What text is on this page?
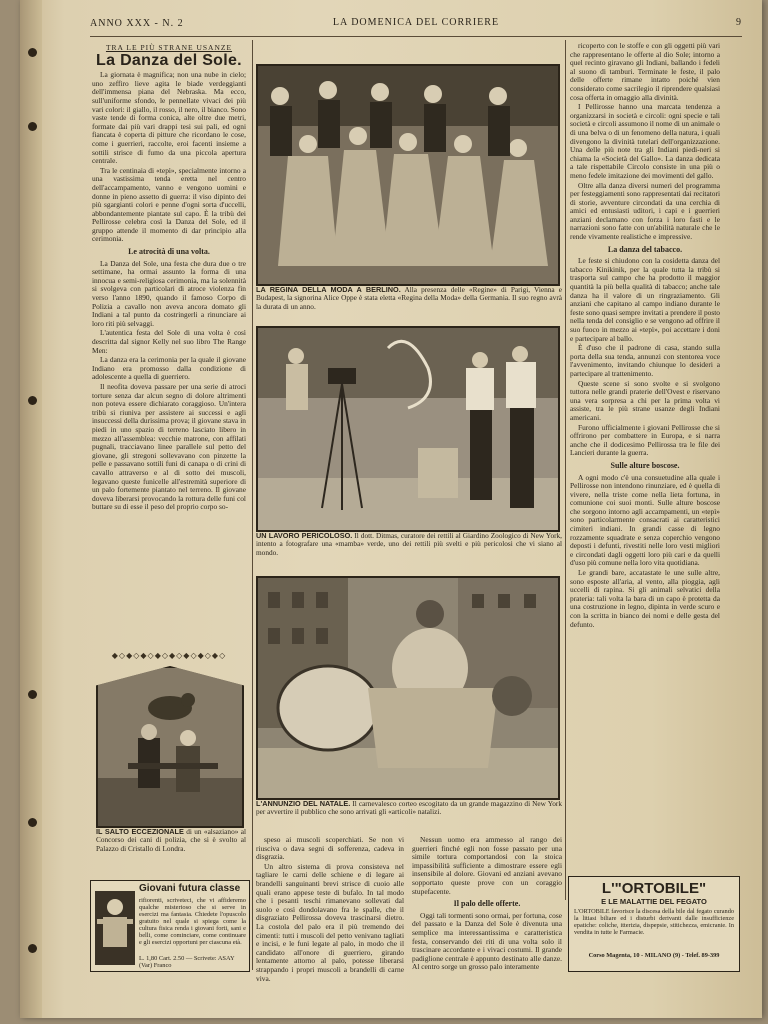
ANNO XXX - N. 2	LA DOMENICA DEL CORRIERE	9
TRA LE PIÙ STRANE USANZE
La Danza del Sole.

La giornata è magnifica; non una nube in cielo; uno zeffiro lieve agita le biade verdeggianti dell'immensa piana del Nebraska. Ma ecco, sull'uniforme sfondo, le pennellate vivaci dei più vari colori: il giallo, il rosso, il nero, il bianco. Sono vaste tende di forma conica, alte oltre due metri, formate dai più vari drappi tesi sui pali, ed ogni fiancata è coperta di pitture che ricordano le cose, come i guerrieri, raccolte, eroi facenti insieme a sottili strisce di fumo da una piccola apertura centrale.

Tra le centinaia di «tepì», specialmente intorno a una vastissima tenda eretta nel centro dell'accampamento, vanno e vengono uomini e donne in pieno assetto di guerra: il viso dipinto dei più sgargianti colori e penne d'ogni sorta d'uccelli, abbondantemente piantate sul capo. È la tribù dei Pellirosse celebra così la Danza del Sole, ed il gruppo attende il momento di dar principio alla cerimonia.

Le atrocità di una volta.

La Danza del Sole, una festa che dura due o tre settimane, ha ormai assunto la forma di una innocua e semi-religiosa cerimonia, ma la solennità si svolgeva con particolari di atroce violenza fin verso l'anno 1890, quando il famoso Corpo di Polizia a cavallo non aveva ancora domato gli Indiani a tal punto da costringerli a rinunciare ai loro riti più selvaggi.

L'autentica festa del Sole di una volta è così descritta dal signor Kelly nel suo libro The Range Men:

La danza era la cerimonia per la quale il giovane Indiano era promosso dalla condizione di adolescente a quella di guerriero.

Il neofita doveva passare per una serie di atroci torture senza dar alcun segno di dolore altrimenti non poteva essere dichiarato coraggioso. Un'intera tribù si riuniva per assistere ai successi e agli insuccessi della durissima prova; il giovane stava in piedi in uno spazio di terreno lasciato libero in mezzo all'assemblea: vecchie matrone, con affilati pugnali, tracciavano linee parallele sul petto del giovane, gli stregoni sollevavano con pinzette la pelle e passavano sottili funi di canapa o di crini di cavallo attraverso e al di sotto dei muscoli, legavano queste funicelle all'estremità superiore di un palo fortemente piantato nel terreno. Il giovane doveva liberarsi provocando la rottura delle funi col buttare su di esse il peso del proprio corpo so-

◆◇◆◇◆◇◆◇◆◇◆◇◆◇◆◇
IL SALTO ECCEZIONALE di un «alsaziano» al Concorso dei cani di polizia, che si è svolto al Palazzo di Cristallo di Londra.
Giovani futura classe
rifiorenti, scriveteci, che vi affideremo qualche misterioso che si serve in esercizi ma fantasia. Chiedete l'opuscolo gratuito nel quale si spiega come la cultura fisica renda i giovani forti, sani e belli, come cominciare, come continuare e gli esercizi opportuni per ciascuna età.
L. 1,80 Cart. 2.50 — Scrivete: ASAY (Var) Franco
LA REGINA DELLA MODA A BERLINO. Alla presenza delle «Regine» di Parigi, Vienna e Budapest, la signorina Alice Oppe è stata eletta «Regina della Moda» della Germania. Il suo regno avrà la durata di un anno.
UN LAVORO PERICOLOSO. Il dott. Ditmas, curatore dei rettili al Giardino Zoologico di New York, intento a fotografare una «mamba» verde, uno dei rettili più svelti e più pericolosi che vi siano al mondo.
L'ANNUNZIO DEL NATALE. Il carnevalesco corteo escogitato da un grande magazzino di New York per avvertire il pubblico che sono arrivati gli «articoli» natalizi.

speso ai muscoli scoperchiati. Se non vi riusciva o dava segni di sofferenza, cadeva in disgrazia.

Un altro sistema di prova consisteva nel tagliare le carni delle schiene e di legare ai brandelli sanguinanti brevi strisce di cuoio alle quali erano appese teste di bufalo. In tal modo che i pesanti teschi rimanevano sollevati dal suolo e così dondolavano fra le spalle, che il disgraziato Pellirossa doveva trascinarsi dietro. La costola del palo era il più tremendo dei cimenti: tutti i muscoli del petto venivano tagliati e incisi, e le funi legate al palo, in modo che il candidato all'onore di guerriero, girando lentamente attorno al palo, potesse liberarsi strappando i propri muscoli a brandelli di carne viva.

Nessun uomo era ammesso al rango dei guerrieri finché egli non fosse passato per una simile tortura comportandosi con la stoica impassibilità sufficiente a dimostrare essere egli insensibile al dolore. Giovani ed anziani avevano sopportato queste prove con un coraggio stupefacente.

Il palo delle offerte.

Oggi tali tormenti sono ormai, per fortuna, cose del passato e la Danza del Sole è divenuta una semplice ma interessantissima e caratteristica festa, conservando dei riti di una volta solo il trascinare accordante e i vivaci costumi. Il grande padiglione centrale è appunto destinato alle danze. Al centro sorge un grosso palo interamente

ricoperto con le stoffe e con gli oggetti più vari che rappresentano le offerte al dio Sole; intorno a quel recinto giravano gli Indiani, ballando i fedeli al suono di tamburi. Terminate le feste, il palo delle offerte rimane intatto poiché vien considerato come sacrilegio il riprendere qualsiasi cosa offerta in omaggio alla divinità.

I Pellirosse hanno una marcata tendenza a organizzarsi in società e circoli: ogni specie e tali società e circoli assumono il nome di un animale o di una belva o di un fenomeno della natura, i quali divengono la divinità tutelari dell'organizzazione. Una delle più note tra gli Indiani piedi-neri si chiama la «Società del Gallo». La danza dedicata a tale rispettabile Circolo consiste in una più o meno fedele imitazione dei movimenti del gallo.

Oltre alla danza diversi numeri del programma per festeggiamenti sono rappresentati dai recitatori di storie, avventure circondati da una cerchia di amici ed entusiasti uditori, i capi e i guerrieri anziani declamano con forza i loro fasti e le narrazioni sono fatte con un'abilità naturale che le rende vivamente realistiche e impressive.

La danza del tabacco.

Le feste si chiudono con la cosidetta danza del tabacco Kinikinik, per la quale tutta la tribù si trasporta sul campo che ha prodotto il maggior quantità la più bella qualità di tabacco; anche tale danza ha il valore di un ringraziamento. Gli anziani che capitano al campo indiano durante le feste sono quasi sempre invitati a prendere il posto nella tenda del consiglio e se vengono ad offrire il suo fuoco in mezzo ai «tepì», poi accettare i doni e partecipare al ballo.

È d'uso che il padrone di casa, stando sulla porta della sua tenda, annunzi con stentorea voce l'avvenimento, invitando chiunque lo desideri a partecipare al trattenimento.

Queste scene si sono svolte e si svolgono tuttora nelle grandi praterie dell'Ovest e riservano una vera sorpresa a chi per la prima volta vi assiste, tra le più strane usanze degli Indiani americani.

Furono ufficialmente i giovani Pellirosse che si offrirono per combattere in Europa, e si narra anche che il dodicesimo Pellirossa tra le file dei Lancieri durante la guerra.

Sulle alture boscose.

A ogni modo c'è una consuetudine alla quale i Pellirosse non intendono rinunziare, ed è quella di vivere, nella triste come nella lieta fortuna, in comunione coi suoi monti. Sulle alture boscose che sorgono intorno agli accampamenti, un «tepì» sono particolarmente consacrati ai caratteristici cimiteri indiani. In grandi casse di legno rozzamente squadrate e senza coperchio vengono deposti i defunti, rivestiti nelle loro vesti migliori e circondati dagli oggetti loro più cari e da quelli d'uso più comune nella loro vita quotidiana.

Le grandi bare, accatastate le une sulle altre, sono esposte all'aria, al vento, alla pioggia, agli uccelli di rapina. Si gli animali selvatici della prateria: tali volta la bara di un capo è protetta da una costruzione in legno, dipinta in verde scuro e con la scritta in bianco dei nomi e delle gesta del defunto.

L'"ORTOBILE"
E LE MALATTIE DEL FEGATO
L'ORTOBILE favorisce la discesa della bile dal fegato curando la litiasi biliare ed i disturbi derivanti dalle insufficienze epatiche: coliche, itterizia, dispepsie, stitichezza, emicranie. In vendita in tutte le Farmacie.
Corso Magenta, 10 - MILANO (9) - Telef. 89-399
